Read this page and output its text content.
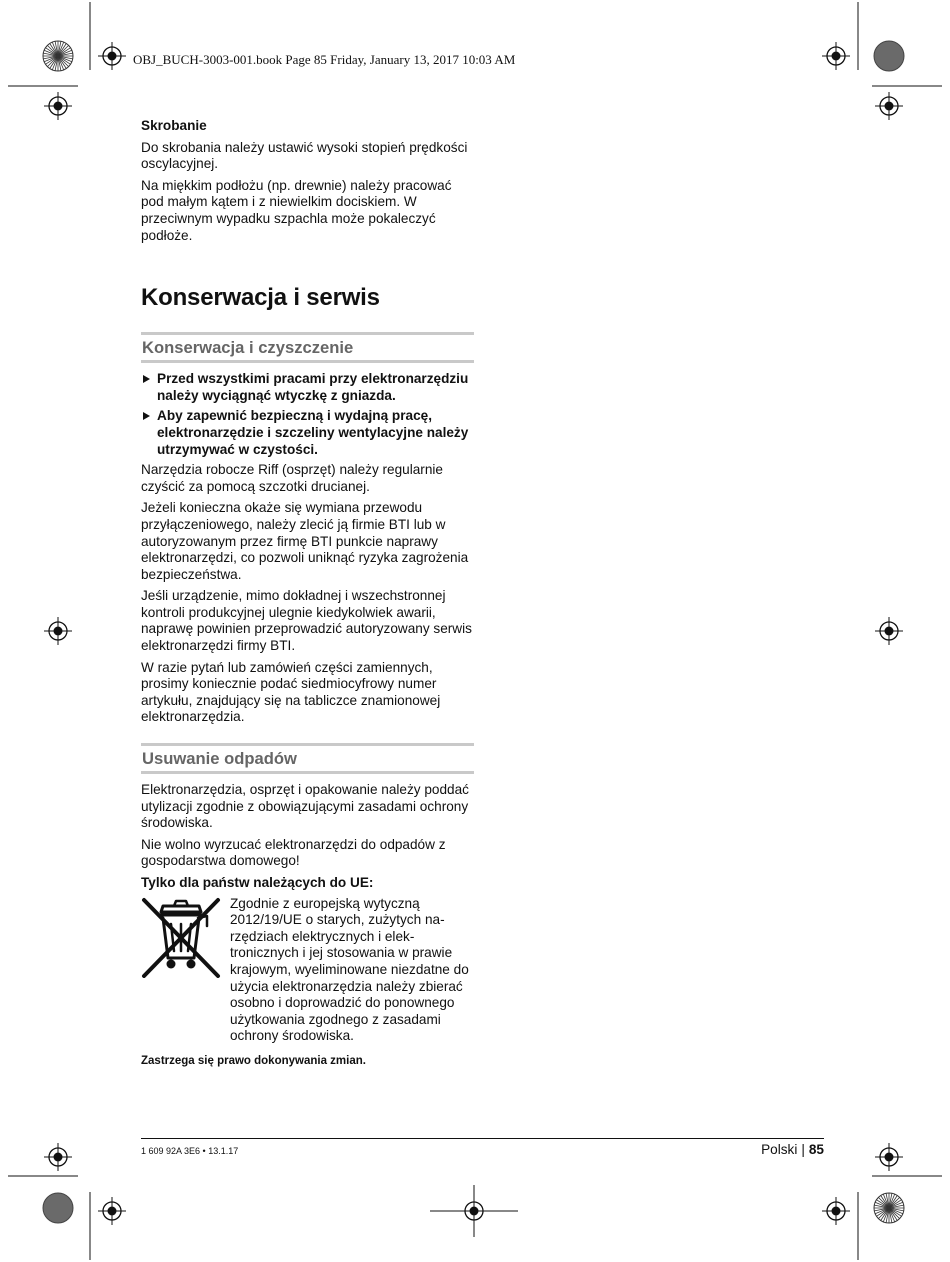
OBJ_BUCH-3003-001.book Page 85 Friday, January 13, 2017 10:03 AM

Skrobanie

Do skrobania należy ustawić wysoki stopień prędkości oscylacyjnej.

Na miękkim podłożu (np. drewnie) należy pracować pod małym kątem i z niewielkim dociskiem. W przeciwnym wypadku szpachla może pokaleczyć podłoże.

Konserwacja i serwis
Konserwacja i czyszczenie
Przed wszystkimi pracami przy elektronarzędziu należy wyciągnąć wtyczkę z gniazda.
Aby zapewnić bezpieczną i wydajną pracę, elektronarzędzie i szczeliny wentylacyjne należy utrzymywać w czystości.

Narzędzia robocze Riff (osprzęt) należy regularnie czyścić za pomocą szczotki drucianej.

Jeżeli konieczna okaże się wymiana przewodu przyłączeniowego, należy zlecić ją firmie BTI lub w autoryzowanym przez firmę BTI punkcie naprawy elektronarzędzi, co pozwoli uniknąć ryzyka zagrożenia bezpieczeństwa.

Jeśli urządzenie, mimo dokładnej i wszechstronnej kontroli produkcyjnej ulegnie kiedykolwiek awarii, naprawę powinien przeprowadzić autoryzowany serwis elektronarzędzi firmy BTI.

W razie pytań lub zamówień części zamiennych, prosimy koniecznie podać siedmiocyfrowy numer artykułu, znajdujący się na tabliczce znamionowej elektronarzędzia.

Usuwanie odpadów

Elektronarzędzia, osprzęt i opakowanie należy poddać utylizacji zgodnie z obowiązującymi zasadami ochrony środowiska.

Nie wolno wyrzucać elektronarzędzi do odpadów z gospodarstwa domowego!

Tylko dla państw należących do UE:

Zgodnie z europejską wytyczną 2012/19/UE o starych, zużytych narzędziach elektrycznych i elektronicznych i jej stosowania w prawie krajowym, wyeliminowane niezdatne do użycia elektronarzędzia należy zbierać osobno i doprowadzić do ponownego użytkowania zgodnego z zasadami ochrony środowiska.
Zastrzega się prawo dokonywania zmian.
1 609 92A 3E6 • 13.1.17	Polski | 85
